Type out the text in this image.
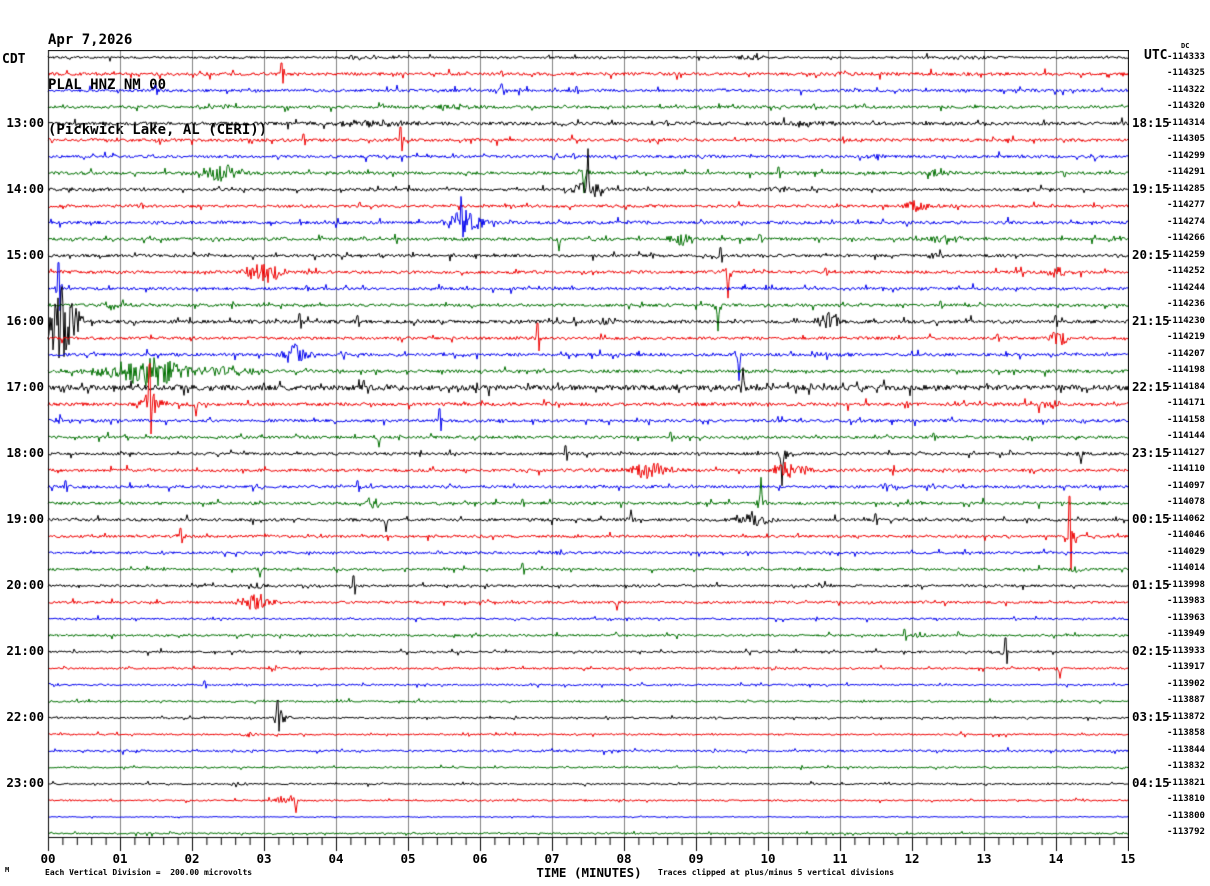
Apr 7,2026

CDT	UTC
DC
13:00
14:00
15:00
16:00
17:00
18:00
19:00
20:00
21:00
22:00
23:00
18:15
19:15
20:15
21:15
22:15
23:15
00:15
01:15
02:15
03:15
04:15
-114333
-114325
-114322
-114320
-114314
-114305
-114299
-114291
-114285
-114277
-114274
-114266
-114259
-114252
-114244
-114236
-114230
-114219
-114207
-114198
-114184
-114171
-114158
-114144
-114127
-114110
-114097
-114078
-114062
-114046
-114029
-114014
-113998
-113983
-113963
-113949
-113933
-113917
-113902
-113887
-113872
-113858
-113844
-113832
-113821
-113810
-113800
-113792
00	01	02	03	04	05	06	07	08	09	10	11	12	13	14	15
TIME (MINUTES)
Each Vertical Division =  200.00 microvolts	Traces clipped at plus/minus 5 vertical divisions
M
